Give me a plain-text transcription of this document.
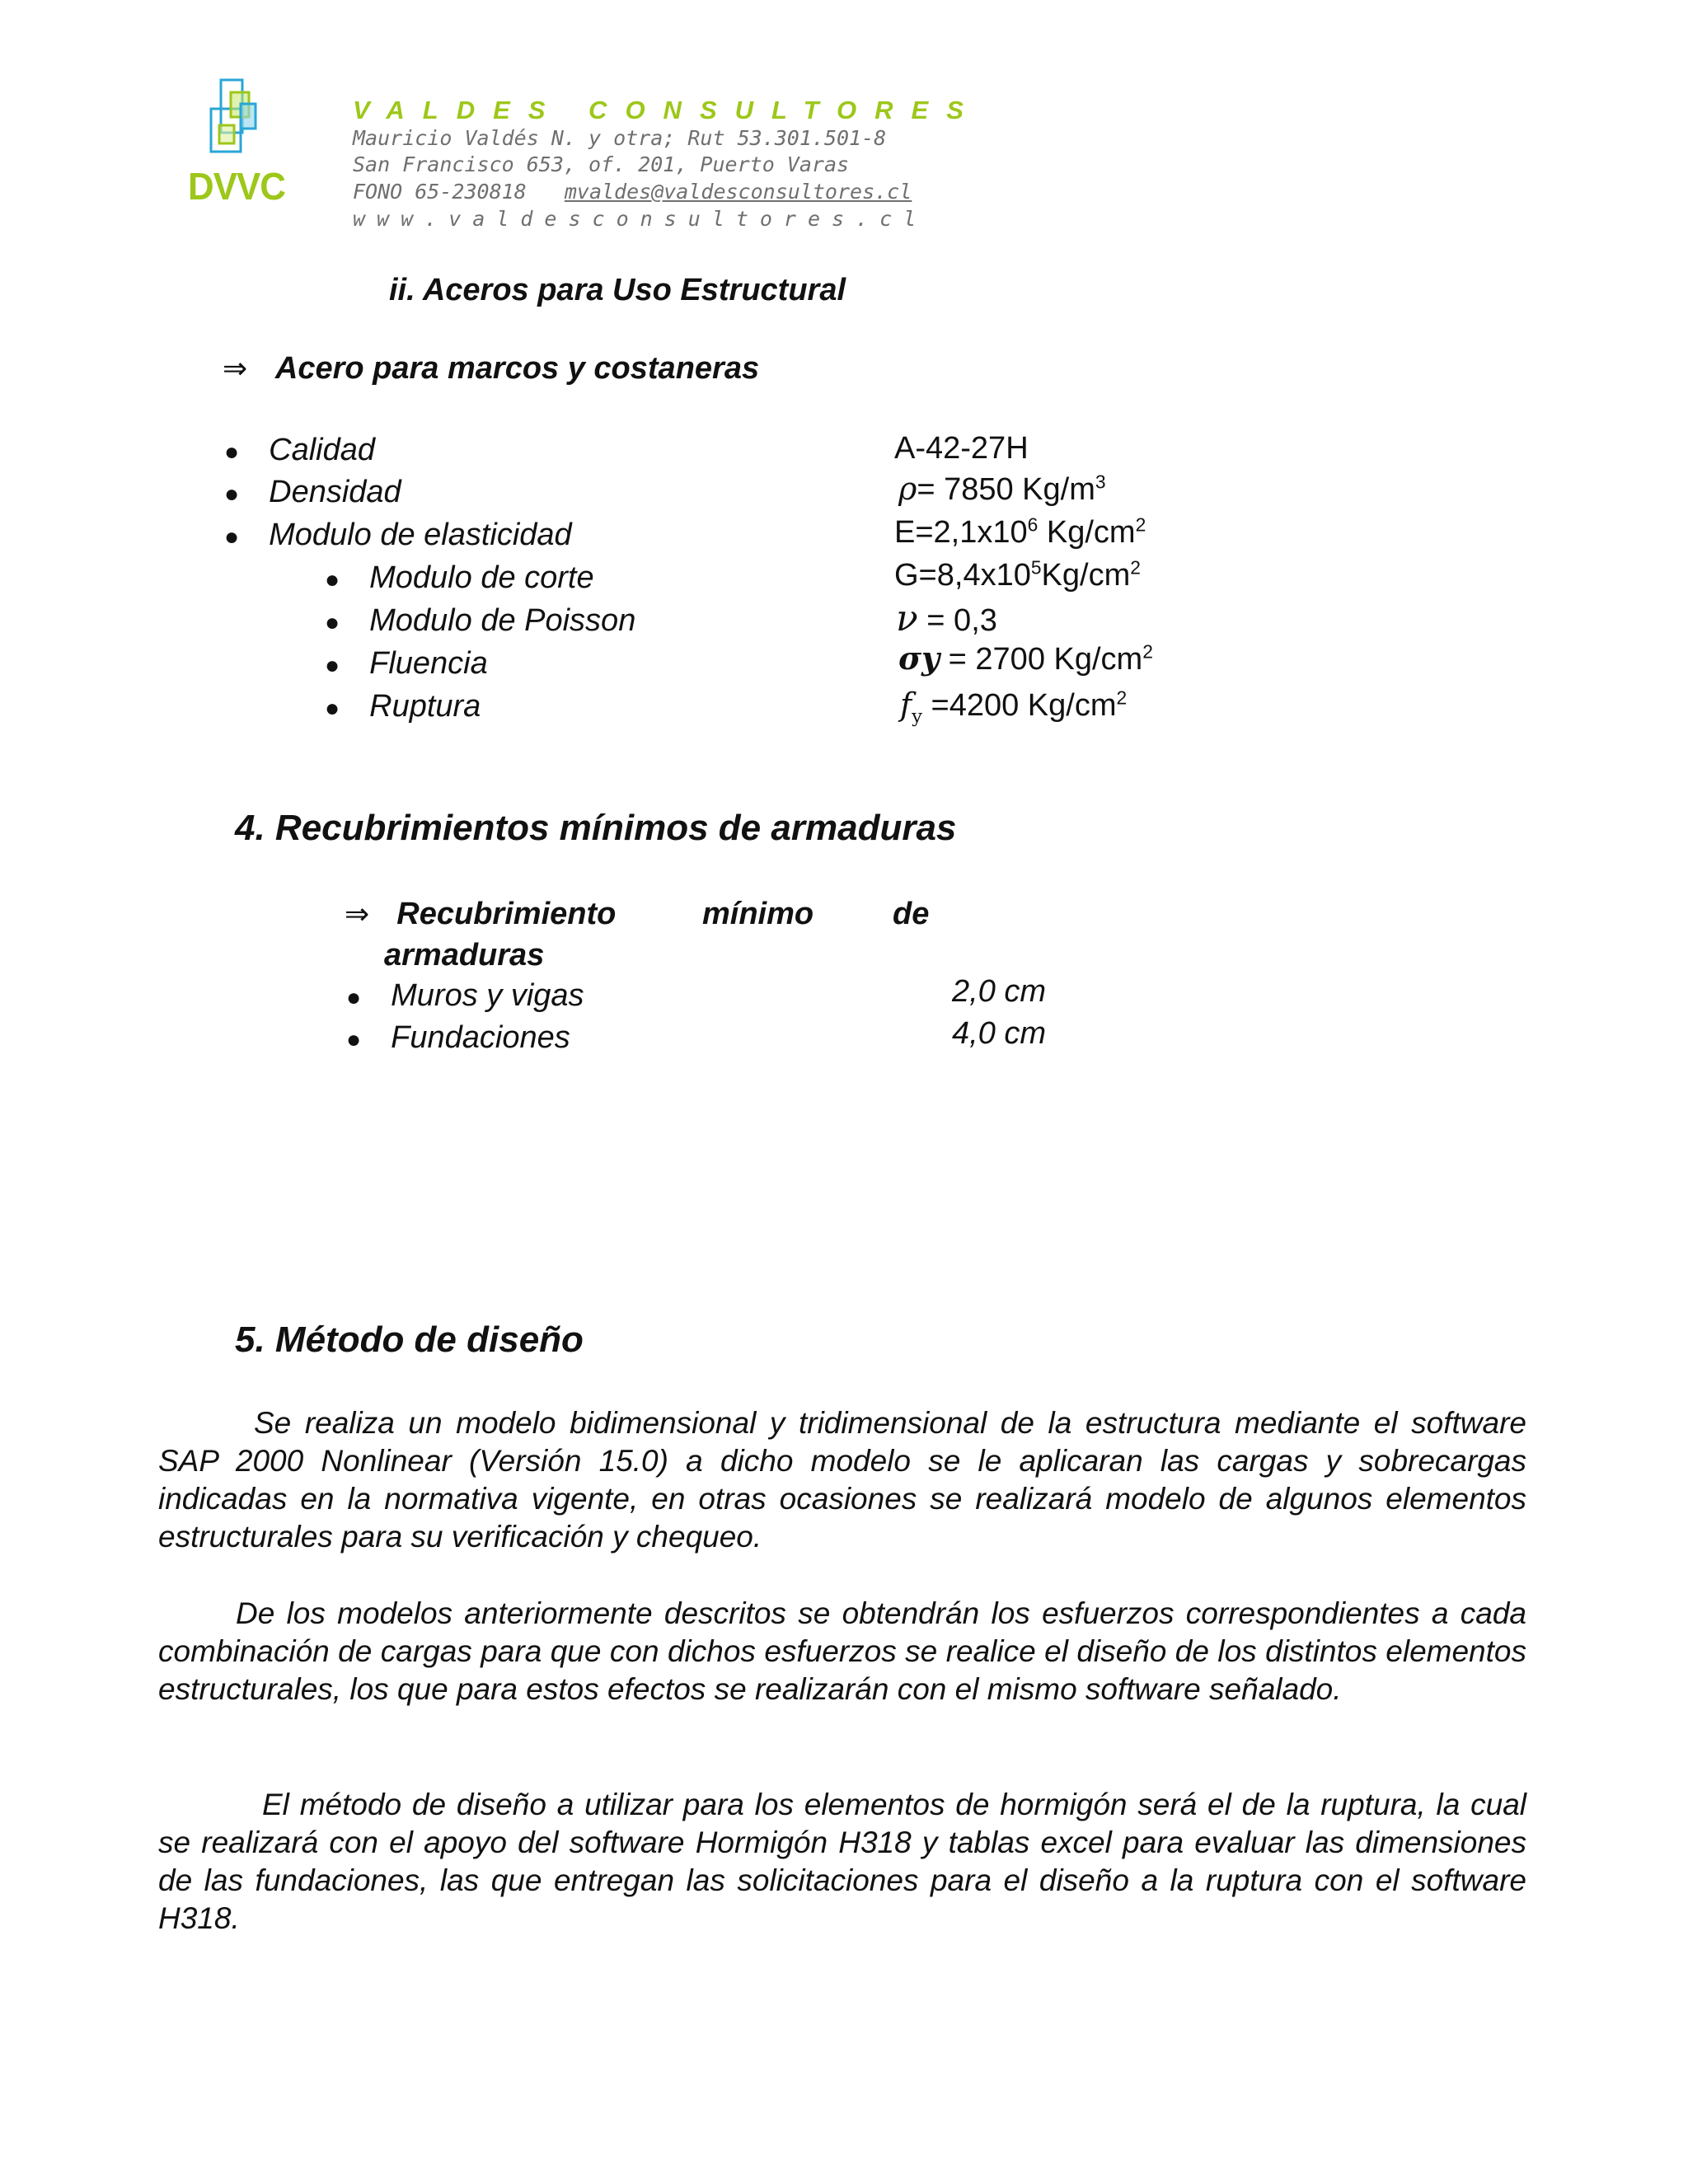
DVVC
VALDES CONSULTORES
Mauricio Valdés N. y otra; Rut 53.301.501-8
San Francisco 653, of. 201, Puerto Varas
FONO 65-230818 mvaldes@valdesconsultores.cl
www.valdesconsultores.cl
ii. Aceros para Uso Estructural
⇒ Acero para marcos y costaneras
● Calidad
● Densidad
● Modulo de elasticidad
● Modulo de corte
● Modulo de Poisson
● Fluencia
● Ruptura
A-42-27H
ρ= 7850 $Kg/m^3$
$E=2,1x10^6$ $Kg/cm^2$
$G=8,4x10^5Kg/cm^2$
ν = 0,3
σy = 2700 $Kg/cm^2$
$f_y =4200$ $Kg/cm^2$
4. Recubrimientos mínimos de armaduras
⇒ Recubrimiento	mínimo	de
armaduras
● Muros y vigas
● Fundaciones
2,0 cm
4,0 cm
5. Método de diseño
Se realiza un modelo bidimensional y tridimensional de la estructura mediante el software SAP 2000 Nonlinear (Versión 15.0) a dicho modelo se le aplicaran las cargas y sobrecargas indicadas en la normativa vigente, en otras ocasiones se realizará modelo de algunos elementos estructurales para su verificación y chequeo.
De los modelos anteriormente descritos se obtendrán los esfuerzos correspondientes a cada combinación de cargas para que con dichos esfuerzos se realice el diseño de los distintos elementos estructurales, los que para estos efectos se realizarán con el mismo software señalado.
El método de diseño a utilizar para los elementos de hormigón será el de la ruptura, la cual se realizará con el apoyo del software Hormigón H318 y tablas excel para evaluar las dimensiones de las fundaciones, las que entregan las solicitaciones para el diseño a la ruptura con el software H318.
